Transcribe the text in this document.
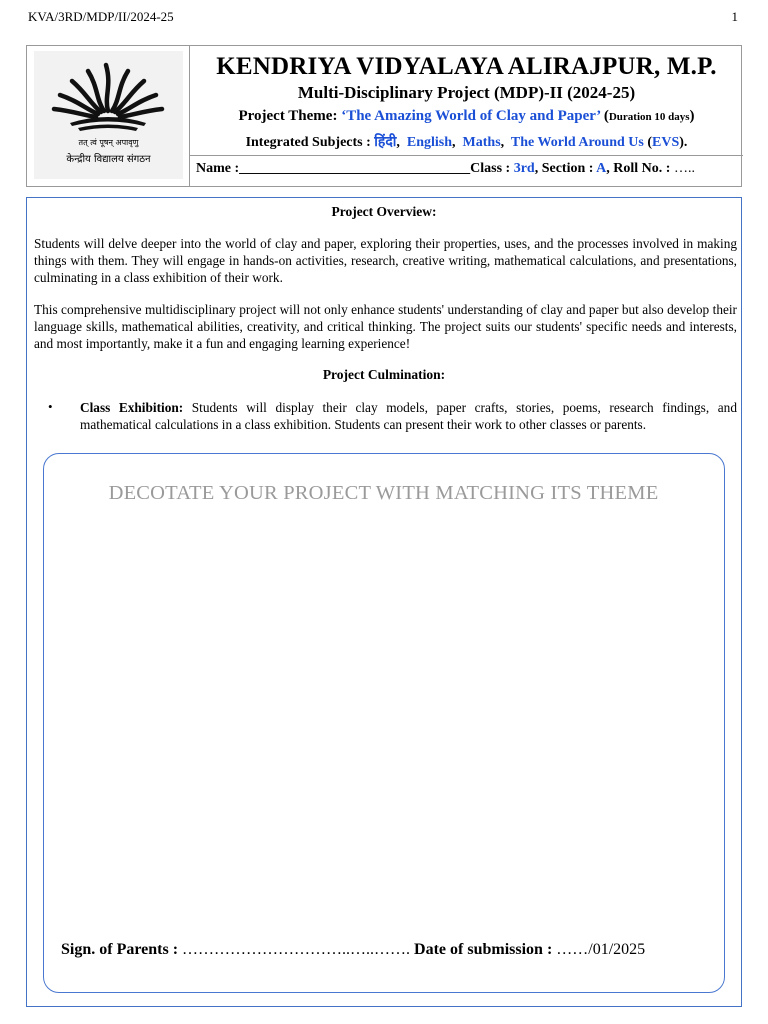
KVA/3RD/MDP/II/2024-25	1
तत् त्वं पूषन् अपावृणु
केन्द्रीय विद्यालय संगठन
KENDRIYA VIDYALAYA ALIRAJPUR, M.P.
Multi-Disciplinary Project (MDP)-II (2024-25)
Project Theme: ‘The Amazing World of Clay and Paper’ (Duration 10 days)
Integrated Subjects : हिंदी,  English,  Maths,  The World Around Us (EVS).
Name :_________________________________Class : 3rd, Section : A, Roll No. : …..
Project Overview:
Students will delve deeper into the world of clay and paper, exploring their properties, uses, and the processes involved in making things with them. They will engage in hands-on activities, research, creative writing, mathematical calculations, and presentations, culminating in a class exhibition of their work.
This comprehensive multidisciplinary project will not only enhance students' understanding of clay and paper but also develop their language skills, mathematical abilities, creativity, and critical thinking. The project suits our students' specific needs and interests, and most importantly, make it a fun and engaging learning experience!
Project Culmination:
• Class Exhibition: Students will display their clay models, paper crafts, stories, poems, research findings, and mathematical calculations in a class exhibition. Students can present their work to other classes or parents.
DECOTATE YOUR PROJECT WITH MATCHING ITS THEME
Sign. of Parents : …………………………..…..……. Date of submission : ……/01/2025
